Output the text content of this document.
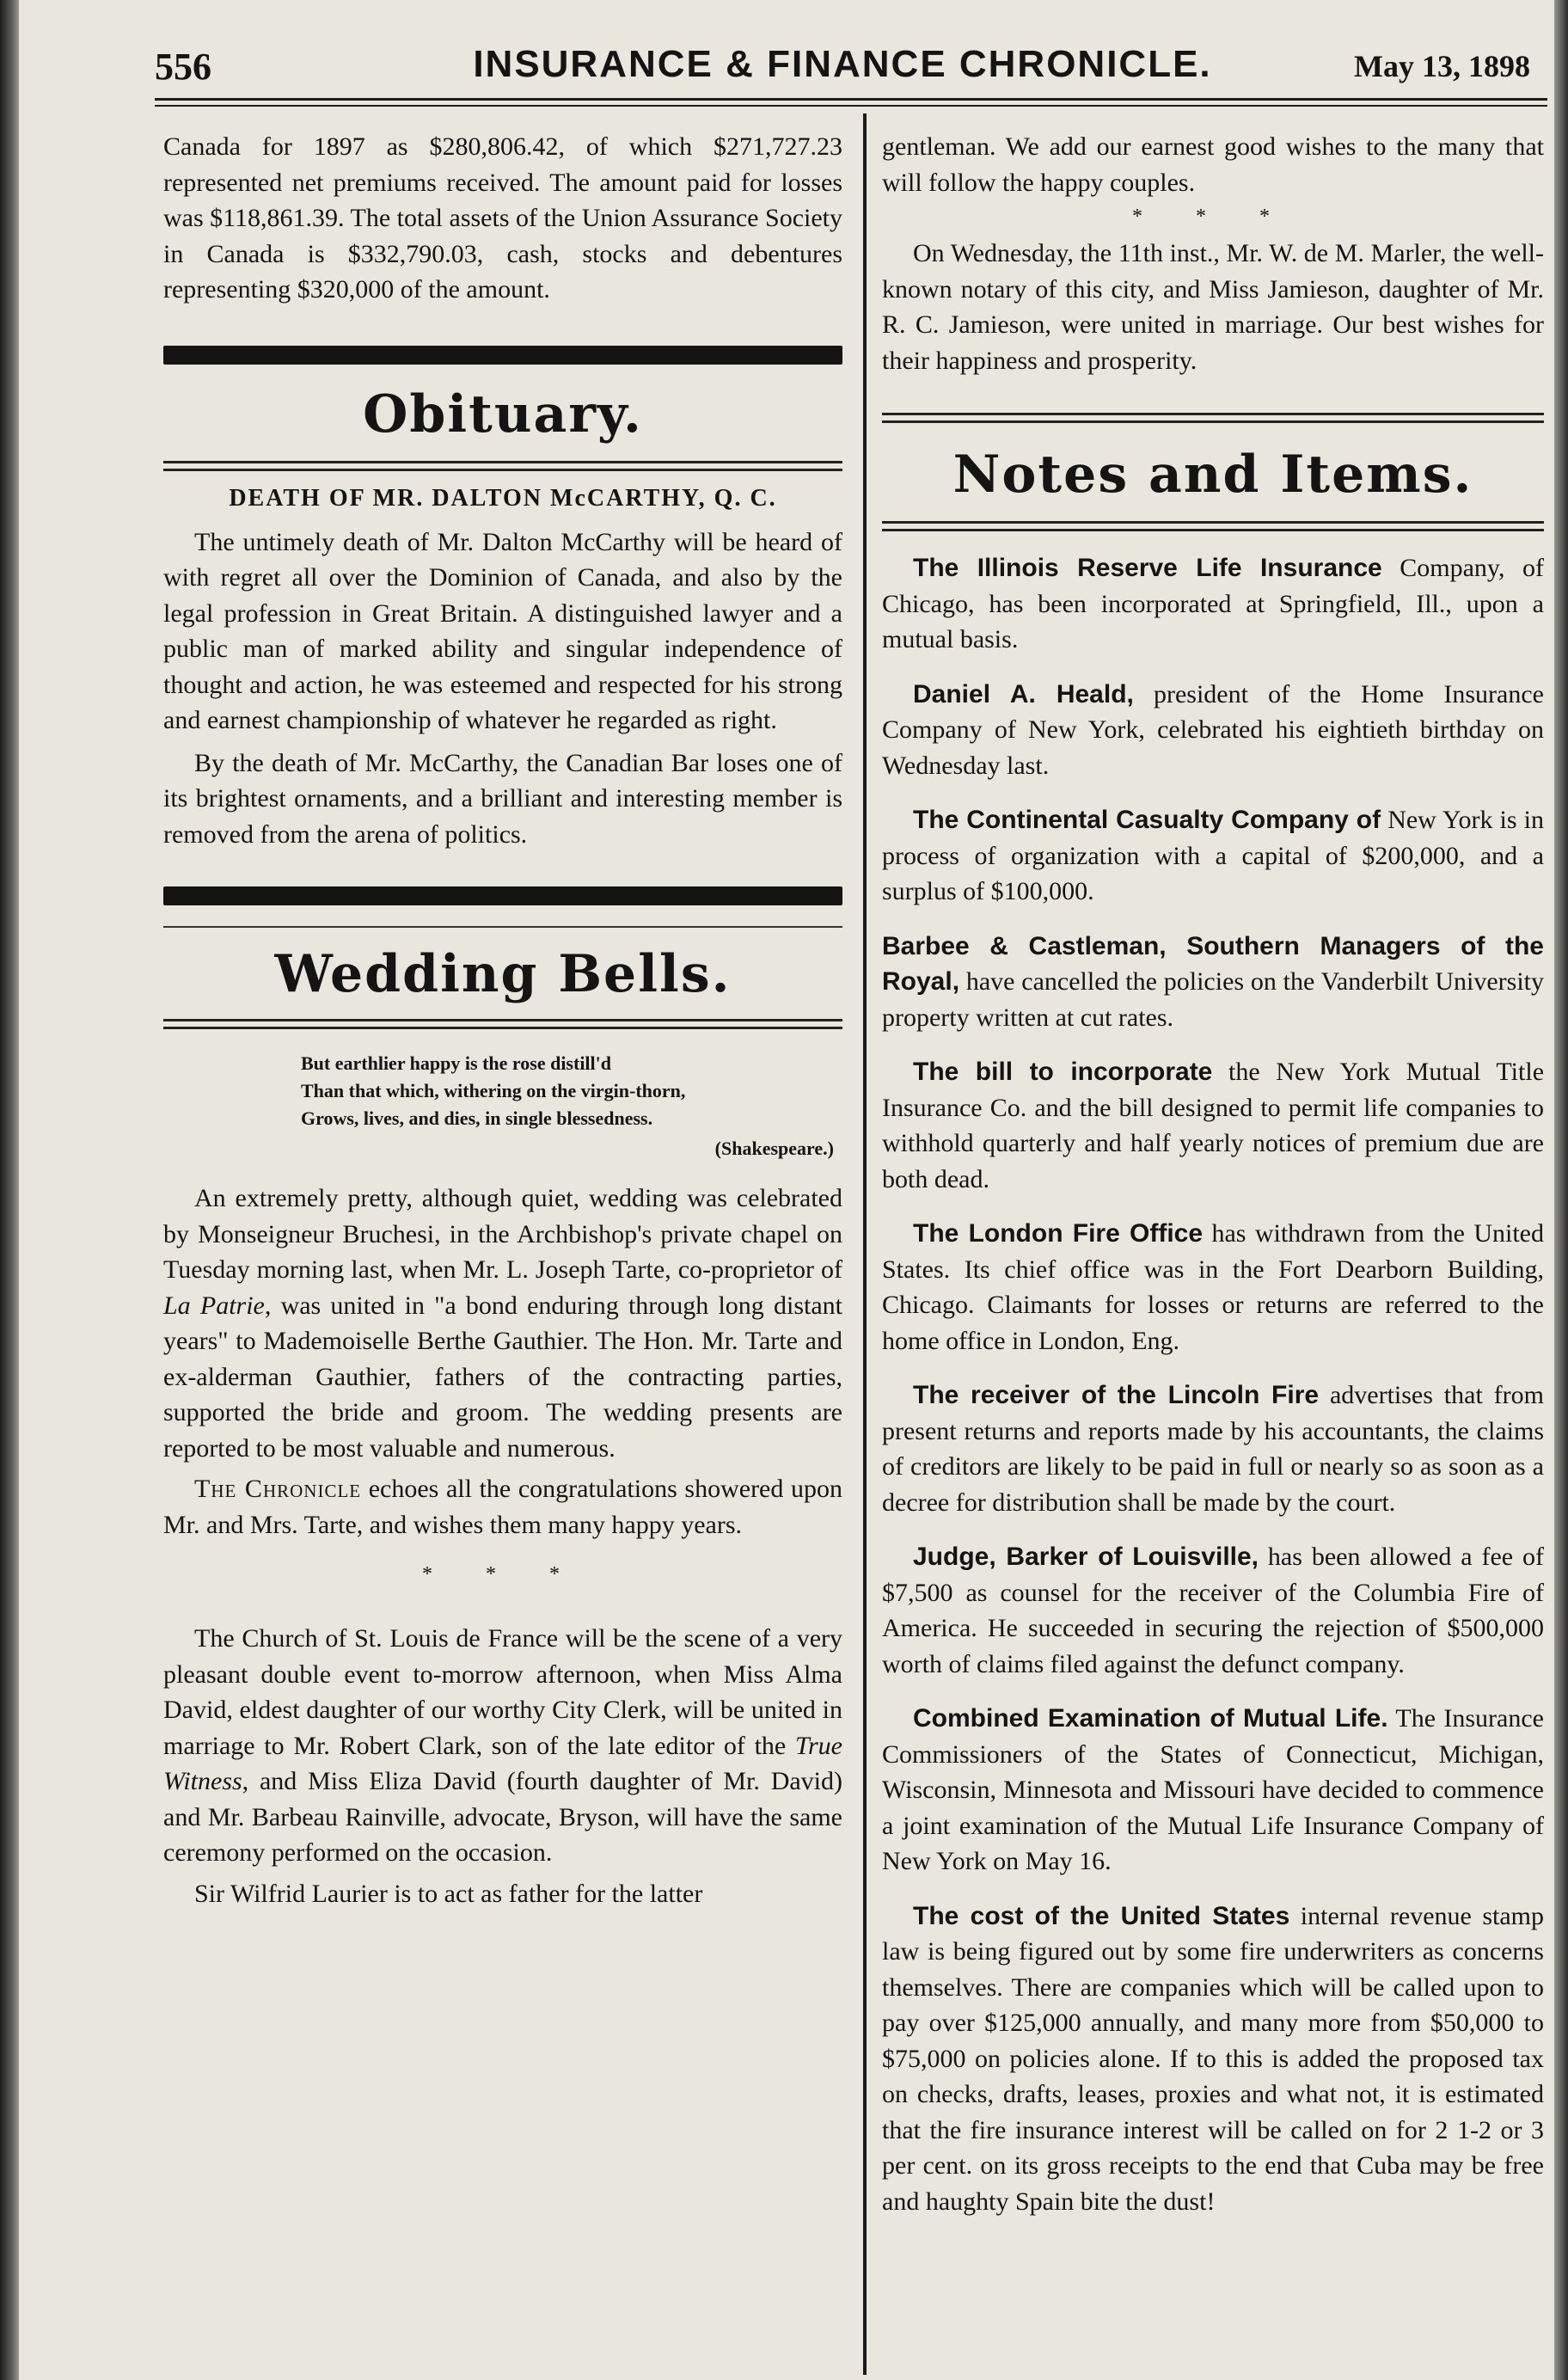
556	INSURANCE & FINANCE CHRONICLE.	May 13, 1898

Canada for 1897 as $280,806.42, of which $271,727.23 represented net premiums received. The amount paid for losses was $118,861.39. The total assets of the Union Assurance Society in Canada is $332,790.03, cash, stocks and debentures representing $320,000 of the amount.

Obituary.
DEATH OF MR. DALTON McCARTHY, Q. C.

The untimely death of Mr. Dalton McCarthy will be heard of with regret all over the Dominion of Canada, and also by the legal profession in Great Britain. A distinguished lawyer and a public man of marked ability and singular independence of thought and action, he was esteemed and respected for his strong and earnest championship of whatever he regarded as right.

By the death of Mr. McCarthy, the Canadian Bar loses one of its brightest ornaments, and a brilliant and interesting member is removed from the arena of politics.

Wedding Bells.
But earthlier happy is the rose distill'd
Than that which, withering on the virgin-thorn,
Grows, lives, and dies, in single blessedness.
(Shakespeare.)

An extremely pretty, although quiet, wedding was celebrated by Monseigneur Bruchesi, in the Archbishop's private chapel on Tuesday morning last, when Mr. L. Joseph Tarte, co-proprietor of La Patrie, was united in "a bond enduring through long distant years" to Mademoiselle Berthe Gauthier. The Hon. Mr. Tarte and ex-alderman Gauthier, fathers of the contracting parties, supported the bride and groom. The wedding presents are reported to be most valuable and numerous.

The Chronicle echoes all the congratulations showered upon Mr. and Mrs. Tarte, and wishes them many happy years.

* * *

The Church of St. Louis de France will be the scene of a very pleasant double event to-morrow afternoon, when Miss Alma David, eldest daughter of our worthy City Clerk, will be united in marriage to Mr. Robert Clark, son of the late editor of the True Witness, and Miss Eliza David (fourth daughter of Mr. David) and Mr. Barbeau Rainville, advocate, Bryson, will have the same ceremony performed on the occasion.

Sir Wilfrid Laurier is to act as father for the latter

gentleman. We add our earnest good wishes to the many that will follow the happy couples.

* * *

On Wednesday, the 11th inst., Mr. W. de M. Marler, the well-known notary of this city, and Miss Jamieson, daughter of Mr. R. C. Jamieson, were united in marriage. Our best wishes for their happiness and prosperity.

Notes and Items.

The Illinois Reserve Life Insurance Company, of Chicago, has been incorporated at Springfield, Ill., upon a mutual basis.

Daniel A. Heald, president of the Home Insurance Company of New York, celebrated his eightieth birthday on Wednesday last.

The Continental Casualty Company of New York is in process of organization with a capital of $200,000, and a surplus of $100,000.

Barbee & Castleman, Southern Managers of the Royal, have cancelled the policies on the Vanderbilt University property written at cut rates.

The bill to incorporate the New York Mutual Title Insurance Co. and the bill designed to permit life companies to withhold quarterly and half yearly notices of premium due are both dead.

The London Fire Office has withdrawn from the United States. Its chief office was in the Fort Dearborn Building, Chicago. Claimants for losses or returns are referred to the home office in London, Eng.

The receiver of the Lincoln Fire advertises that from present returns and reports made by his accountants, the claims of creditors are likely to be paid in full or nearly so as soon as a decree for distribution shall be made by the court.

Judge, Barker of Louisville, has been allowed a fee of $7,500 as counsel for the receiver of the Columbia Fire of America. He succeeded in securing the rejection of $500,000 worth of claims filed against the defunct company.

Combined Examination of Mutual Life. The Insurance Commissioners of the States of Connecticut, Michigan, Wisconsin, Minnesota and Missouri have decided to commence a joint examination of the Mutual Life Insurance Company of New York on May 16.

The cost of the United States internal revenue stamp law is being figured out by some fire underwriters as concerns themselves. There are companies which will be called upon to pay over $125,000 annually, and many more from $50,000 to $75,000 on policies alone. If to this is added the proposed tax on checks, drafts, leases, proxies and what not, it is estimated that the fire insurance interest will be called on for 2 1-2 or 3 per cent. on its gross receipts to the end that Cuba may be free and haughty Spain bite the dust!
